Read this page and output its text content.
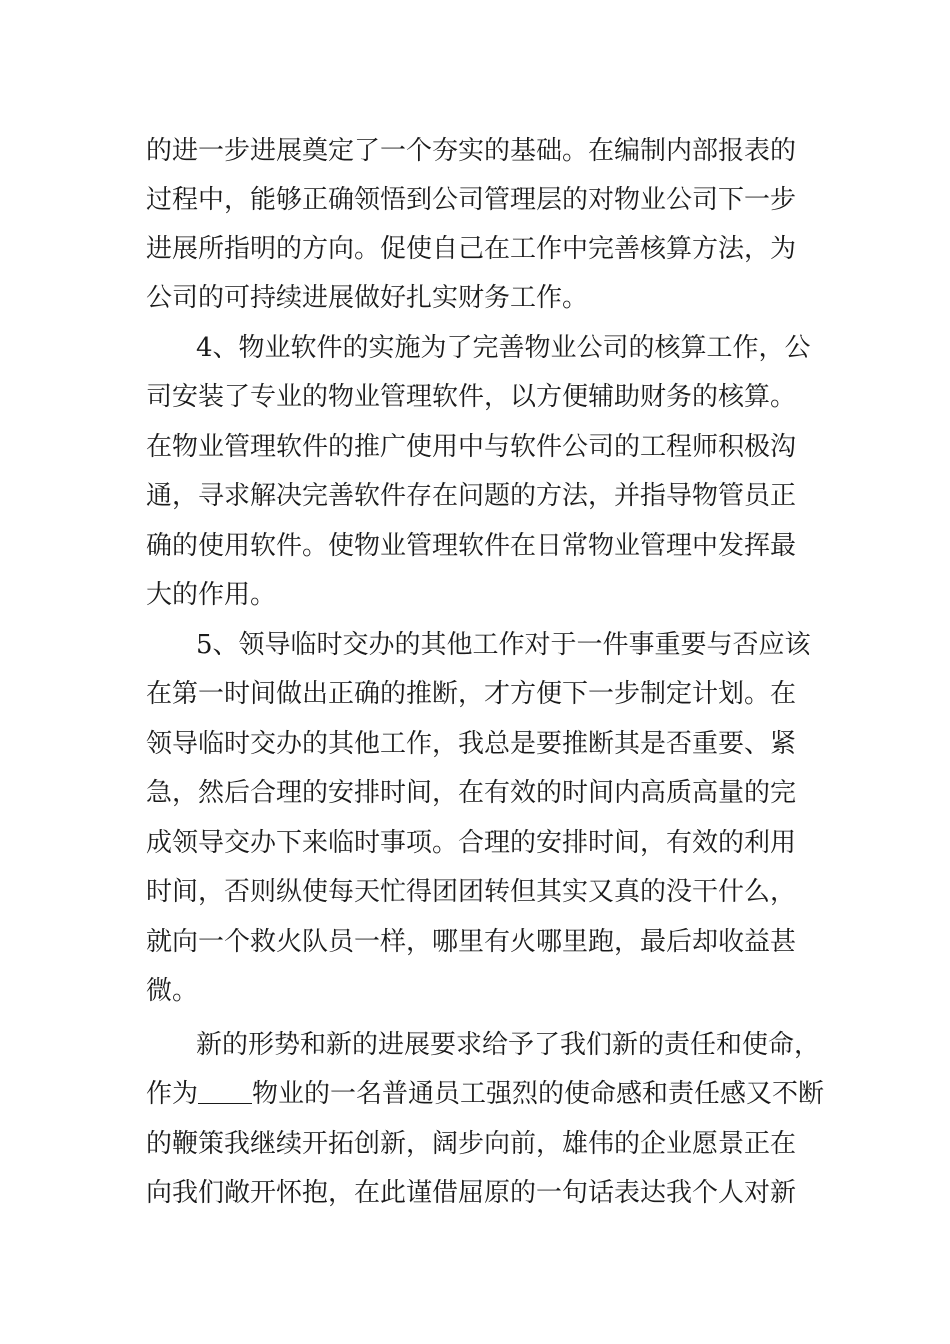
的进一步进展奠定了一个夯实的基础。在编制内部报表的
过程中，能够正确领悟到公司管理层的对物业公司下一步
进展所指明的方向。促使自己在工作中完善核算方法，为
公司的可持续进展做好扎实财务工作。
4、物业软件的实施为了完善物业公司的核算工作，公
司安装了专业的物业管理软件，以方便辅助财务的核算。
在物业管理软件的推广使用中与软件公司的工程师积极沟
通，寻求解决完善软件存在问题的方法，并指导物管员正
确的使用软件。使物业管理软件在日常物业管理中发挥最
大的作用。
5、领导临时交办的其他工作对于一件事重要与否应该
在第一时间做出正确的推断，才方便下一步制定计划。在
领导临时交办的其他工作，我总是要推断其是否重要、紧
急，然后合理的安排时间，在有效的时间内高质高量的完
成领导交办下来临时事项。合理的安排时间，有效的利用
时间，否则纵使每天忙得团团转但其实又真的没干什么，
就向一个救火队员一样，哪里有火哪里跑，最后却收益甚
微。
新的形势和新的进展要求给予了我们新的责任和使命，
作为 物业的一名普通员工强烈的使命感和责任感又不断
的鞭策我继续开拓创新，阔步向前，雄伟的企业愿景正在
向我们敞开怀抱，在此谨借屈原的一句话表达我个人对新
